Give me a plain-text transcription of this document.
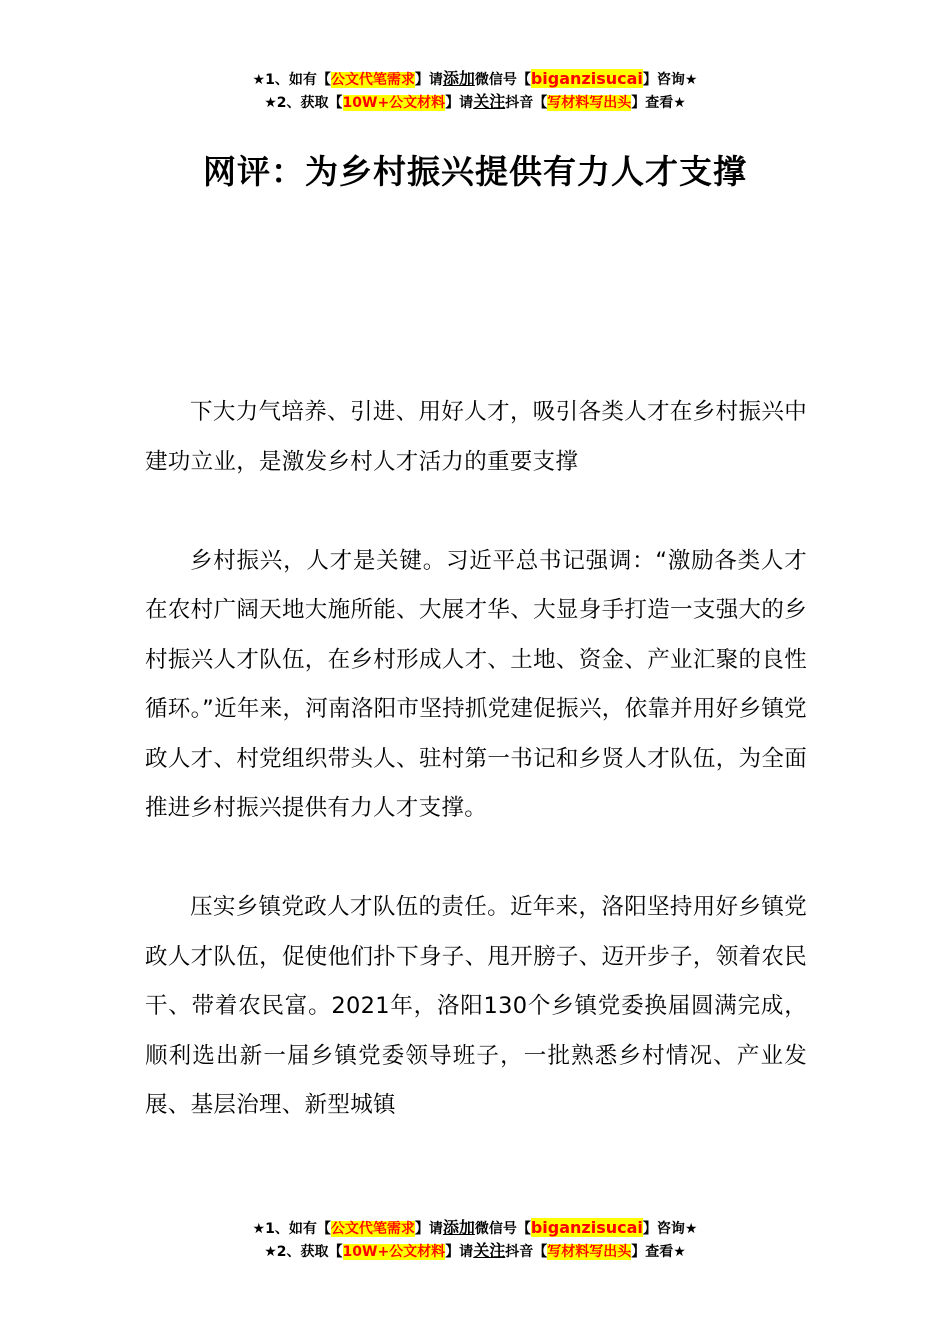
★1、如有【公文代笔需求】请添加微信号【biganzisucai】咨询★
★2、获取【10W+公文材料】请关注抖音【写材料写出头】查看★
网评：为乡村振兴提供有力人才支撑

下大力气培养、引进、用好人才，吸引各类人才在乡村振兴中建功立业，是激发乡村人才活力的重要支撑

乡村振兴，人才是关键。习近平总书记强调：“激励各类人才在农村广阔天地大施所能、大展才华、大显身手打造一支强大的乡村振兴人才队伍，在乡村形成人才、土地、资金、产业汇聚的良性循环。”近年来，河南洛阳市坚持抓党建促振兴，依靠并用好乡镇党政人才、村党组织带头人、驻村第一书记和乡贤人才队伍，为全面推进乡村振兴提供有力人才支撑。

压实乡镇党政人才队伍的责任。近年来，洛阳坚持用好乡镇党政人才队伍，促使他们扑下身子、甩开膀子、迈开步子，领着农民干、带着农民富。2021年，洛阳130个乡镇党委换届圆满完成，顺利选出新一届乡镇党委领导班子，一批熟悉乡村情况、产业发展、基层治理、新型城镇

★1、如有【公文代笔需求】请添加微信号【biganzisucai】咨询★
★2、获取【10W+公文材料】请关注抖音【写材料写出头】查看★
